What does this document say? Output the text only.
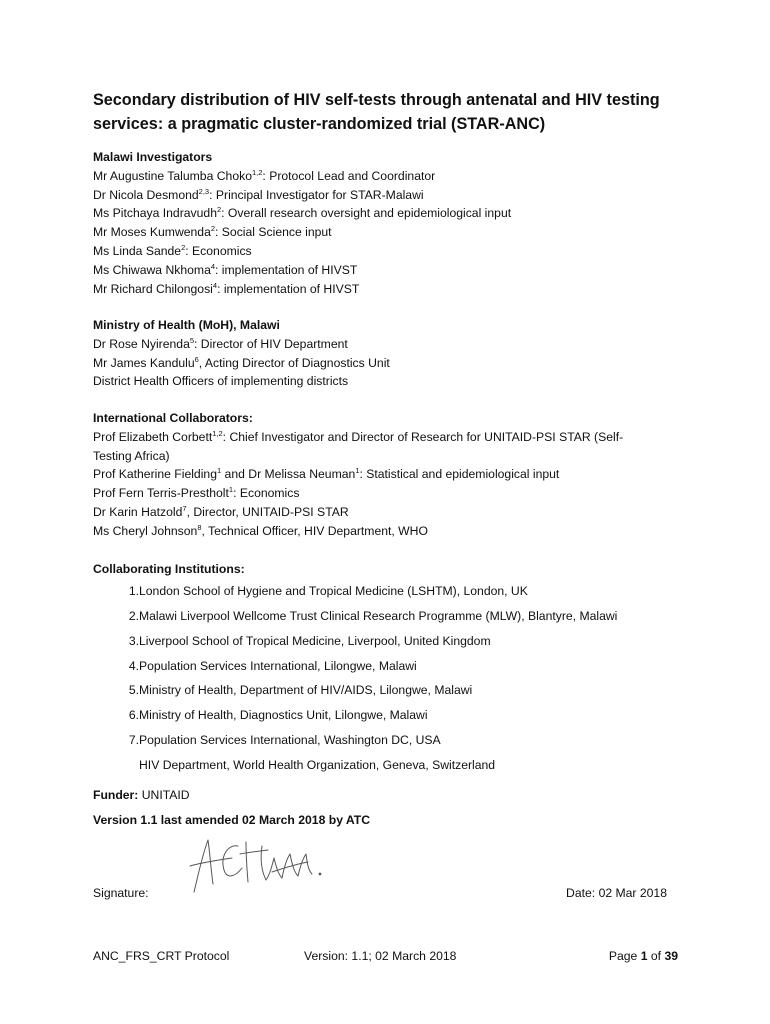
Secondary distribution of HIV self-tests through antenatal and HIV testing services: a pragmatic cluster-randomized trial (STAR-ANC)
Malawi Investigators
Mr Augustine Talumba Choko$^{1,2}$: Protocol Lead and Coordinator
Dr Nicola Desmond$^{2,3}$: Principal Investigator for STAR-Malawi
Ms Pitchaya Indravudh$^2$: Overall research oversight and epidemiological input
Mr Moses Kumwenda$^2$: Social Science input
Ms Linda Sande$^2$: Economics
Ms Chiwawa Nkhoma$^4$: implementation of HIVST
Mr Richard Chilongosi$^4$: implementation of HIVST
Ministry of Health (MoH), Malawi
Dr Rose Nyirenda$^5$: Director of HIV Department
Mr James Kandulu$^6$, Acting Director of Diagnostics Unit
District Health Officers of implementing districts
International Collaborators:
Prof Elizabeth Corbett$^{1,2}$: Chief Investigator and Director of Research for UNITAID-PSI STAR (Self-
Testing Africa)
Prof Katherine Fielding$^1$ and Dr Melissa Neuman$^1$: Statistical and epidemiological input
Prof Fern Terris-Prestholt$^1$: Economics
Dr Karin Hatzold$^7$, Director, UNITAID-PSI STAR
Ms Cheryl Johnson$^8$, Technical Officer, HIV Department, WHO
Collaborating Institutions:
1. London School of Hygiene and Tropical Medicine (LSHTM), London, UK
2. Malawi Liverpool Wellcome Trust Clinical Research Programme (MLW), Blantyre, Malawi
3. Liverpool School of Tropical Medicine, Liverpool, United Kingdom
4. Population Services International, Lilongwe, Malawi
5. Ministry of Health, Department of HIV/AIDS, Lilongwe, Malawi
6. Ministry of Health, Diagnostics Unit, Lilongwe, Malawi
7. Population Services International, Washington DC, USA
HIV Department, World Health Organization, Geneva, Switzerland
Funder: UNITAID
Version 1.1 last amended 02 March 2018 by ATC
Signature:	Date: 02 Mar 2018
ANC_FRS_CRT Protocol	Version: 1.1; 02 March 2018	Page 1 of 39
